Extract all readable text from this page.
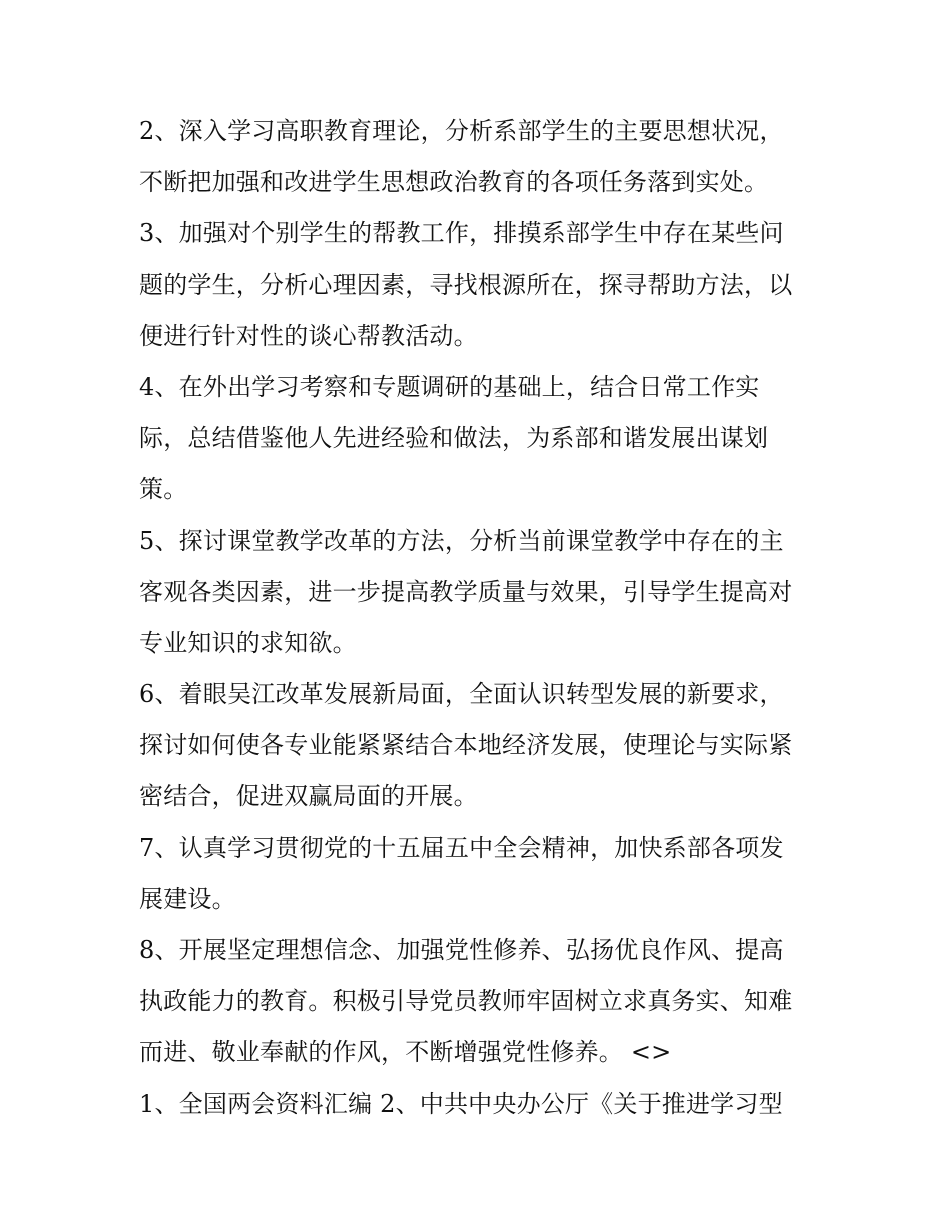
2、深入学习高职教育理论，分析系部学生的主要思想状况，
不断把加强和改进学生思想政治教育的各项任务落到实处。
3、加强对个别学生的帮教工作，排摸系部学生中存在某些问
题的学生，分析心理因素，寻找根源所在，探寻帮助方法，以
便进行针对性的谈心帮教活动。
4、在外出学习考察和专题调研的基础上，结合日常工作实
际，总结借鉴他人先进经验和做法，为系部和谐发展出谋划
策。
5、探讨课堂教学改革的方法，分析当前课堂教学中存在的主
客观各类因素，进一步提高教学质量与效果，引导学生提高对
专业知识的求知欲。
6、着眼吴江改革发展新局面，全面认识转型发展的新要求，
探讨如何使各专业能紧紧结合本地经济发展，使理论与实际紧
密结合，促进双赢局面的开展。
7、认真学习贯彻党的十五届五中全会精神，加快系部各项发
展建设。
8、开展坚定理想信念、加强党性修养、弘扬优良作风、提高
执政能力的教育。积极引导党员教师牢固树立求真务实、知难
而进、敬业奉献的作风，不断增强党性修养。 <>
1、全国两会资料汇编 2、中共中央办公厅《关于推进学习型
